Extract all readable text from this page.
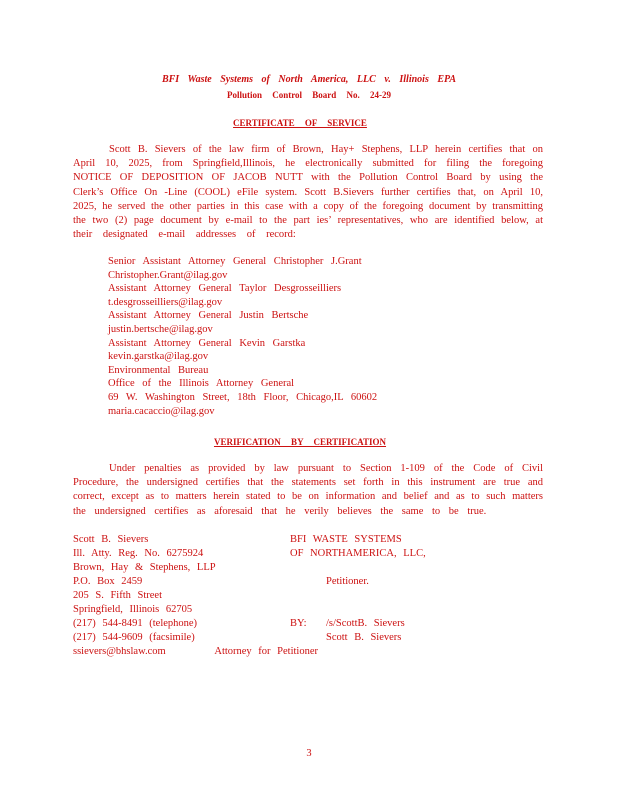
BFI Waste Systems of North America, LLC v. Illinois EPA
Pollution Control Board No. 24-29
CERTIFICATE OF SERVICE
Scott B. Sievers of the law firm of Brown, Hay+ Stephens, LLP herein certifies that on
April 10, 2025, from Springfield,Illinois, he electronically submitted for filing the foregoing
NOTICE OF DEPOSITION OF JACOB NUTT with the Pollution Control Board by using the
Clerk’s Office On -Line (COOL) eFile system. Scott B.Sievers further certifies that, on April 10,
2025, he served the other parties in this case with a copy of the foregoing document by transmitting
the two (2) page document by e-mail to the part ies’ representatives, who are identified below, at
their designated e-mail addresses of record:
Senior Assistant Attorney General Christopher J.Grant
Christopher.Grant@ilag.gov
Assistant Attorney General Taylor Desgrosseilliers
t.desgrosseilliers@ilag.gov
Assistant Attorney General Justin Bertsche
justin.bertsche@ilag.gov
Assistant Attorney General Kevin Garstka
kevin.garstka@ilag.gov
Environmental Bureau
Office of the Illinois Attorney General
69 W. Washington Street, 18th Floor, Chicago,IL 60602
maria.cacaccio@ilag.gov
VERIFICATION BY CERTIFICATION
Under penalties as provided by law pursuant to Section 1-109 of the Code of Civil
Procedure, the undersigned certifies that the statements set forth in this instrument are true and
correct, except as to matters herein stated to be on information and belief and as to such matters
the undersigned certifies as aforesaid that he verily believes the same to be true.
Scott B. Sievers
Ill. Atty. Reg. No. 6275924
Brown, Hay & Stephens, LLP
P.O. Box 2459
205 S. Fifth Street
Springfield, Illinois 62705
(217) 544-8491 (telephone)
(217) 544-9609 (facsimile)
ssievers@bhslaw.com	Attorney for Petitioner
BFI WASTE SYSTEMS
OF NORTHAMERICA, LLC,
Petitioner.
BY: /s/ScottB. Sievers
Scott B. Sievers
3
